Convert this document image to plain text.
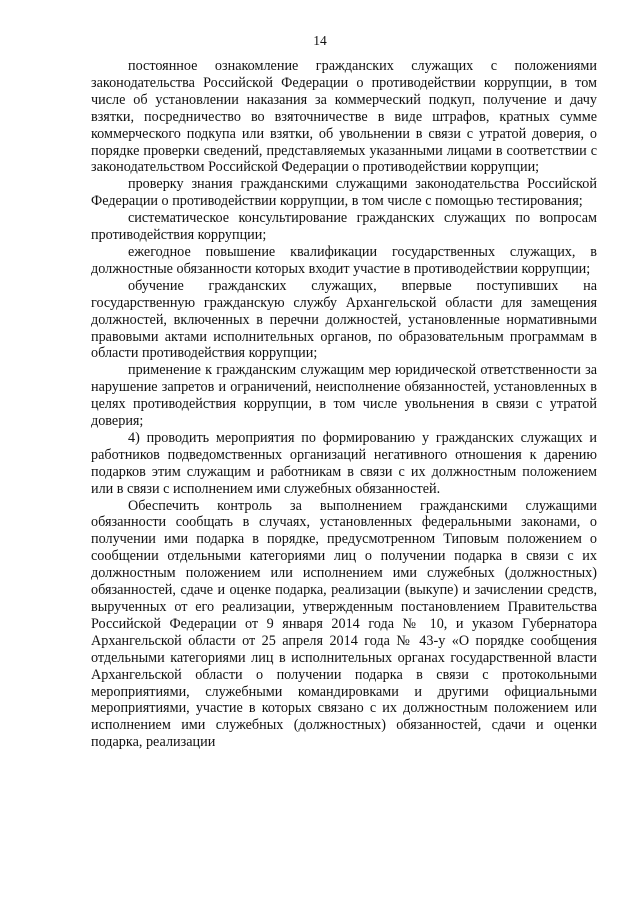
14

постоянное ознакомление гражданских служащих с положениями законодательства Российской Федерации о противодействии коррупции, в том числе об установлении наказания за коммерческий подкуп, получение и дачу взятки, посредничество во взяточничестве в виде штрафов, кратных сумме коммерческого подкупа или взятки, об увольнении в связи с утратой доверия, о порядке проверки сведений, представляемых указанными лицами в соответствии с законодательством Российской Федерации о противодействии коррупции;

проверку знания гражданскими служащими законодательства Российской Федерации о противодействии коррупции, в том числе с помощью тестирования;

систематическое консультирование гражданских служащих по вопросам противодействия коррупции;

ежегодное повышение квалификации государственных служащих, в должностные обязанности которых входит участие в противодействии коррупции;

обучение гражданских служащих, впервые поступивших на государственную гражданскую службу Архангельской области для замещения должностей, включенных в перечни должностей, установленные нормативными правовыми актами исполнительных органов, по образовательным программам в области противодействия коррупции;

применение к гражданским служащим мер юридической ответственности за нарушение запретов и ограничений, неисполнение обязанностей, установленных в целях противодействия коррупции, в том числе увольнения в связи с утратой доверия;

4) проводить мероприятия по формированию у гражданских служащих и работников подведомственных организаций негативного отношения к дарению подарков этим служащим и работникам в связи с их должностным положением или в связи с исполнением ими служебных обязанностей.

Обеспечить контроль за выполнением гражданскими служащими обязанности сообщать в случаях, установленных федеральными законами, о получении ими подарка в порядке, предусмотренном Типовым положением о сообщении отдельными категориями лиц о получении подарка в связи с их должностным положением или исполнением ими служебных (должностных) обязанностей, сдаче и оценке подарка, реализации (выкупе) и зачислении средств, вырученных от его реализации, утвержденным постановлением Правительства Российской Федерации от 9 января 2014 года № 10, и указом Губернатора Архангельской области от 25 апреля 2014 года № 43-у «О порядке сообщения отдельными категориями лиц в исполнительных органах государственной власти Архангельской области о получении подарка в связи с протокольными мероприятиями, служебными командировками и другими официальными мероприятиями, участие в которых связано с их должностным положением или исполнением ими служебных (должностных) обязанностей, сдачи и оценки подарка, реализации
